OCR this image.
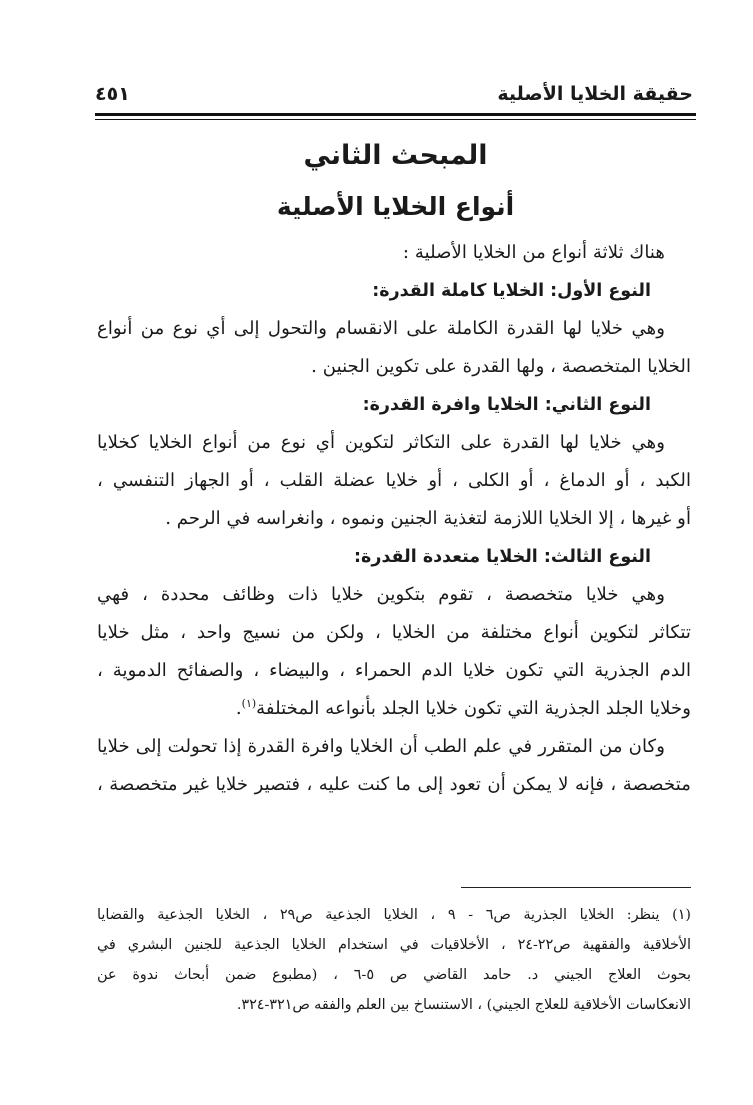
حقيقة الخلايا الأصلية
٤٥١
المبحث الثاني
أنواع الخلايا الأصلية
هناك ثلاثة أنواع من الخلايا الأصلية :
النوع الأول: الخلايا كاملة القدرة:
وهي خلايا لها القدرة الكاملة على الانقسام والتحول إلى أي نوع من أنواع
الخلايا المتخصصة ، ولها القدرة على تكوين الجنين .
النوع الثاني: الخلايا وافرة القدرة:
وهي خلايا لها القدرة على التكاثر لتكوين أي نوع من أنواع الخلايا كخلايا
الكبد ، أو الدماغ ، أو الكلى ، أو خلايا عضلة القلب ، أو الجهاز التنفسي ،
أو غيرها ، إلا الخلايا اللازمة لتغذية الجنين ونموه ، وانغراسه في الرحم .
النوع الثالث: الخلايا متعددة القدرة:
وهي خلايا متخصصة ، تقوم بتكوين خلايا ذات وظائف محددة ، فهي
تتكاثر لتكوين أنواع مختلفة من الخلايا ، ولكن من نسيج واحد ، مثل خلايا
الدم الجذرية التي تكون خلايا الدم الحمراء ، والبيضاء ، والصفائح الدموية ،
وخلايا الجلد الجذرية التي تكون خلايا الجلد بأنواعه المختلفة$^{(١)}$.
وكان من المتقرر في علم الطب أن الخلايا وافرة القدرة إذا تحولت إلى خلايا
متخصصة ، فإنه لا يمكن أن تعود إلى ما كنت عليه ، فتصير خلايا غير متخصصة ،
(١) ينظر: الخلايا الجذرية ص٦ - ٩ ، الخلايا الجذعية ص٢٩ ، الخلايا الجذعية والقضايا
الأخلاقية والفقهية ص٢٢-٢٤ ، الأخلاقيات في استخدام الخلايا الجذعية للجنين البشري في
بحوث العلاج الجيني د. حامد القاضي ص ٥-٦ ، (مطبوع ضمن أبحاث ندوة عن
الانعكاسات الأخلاقية للعلاج الجيني) ، الاستنساخ بين العلم والفقه ص٣٢١-٣٢٤.
